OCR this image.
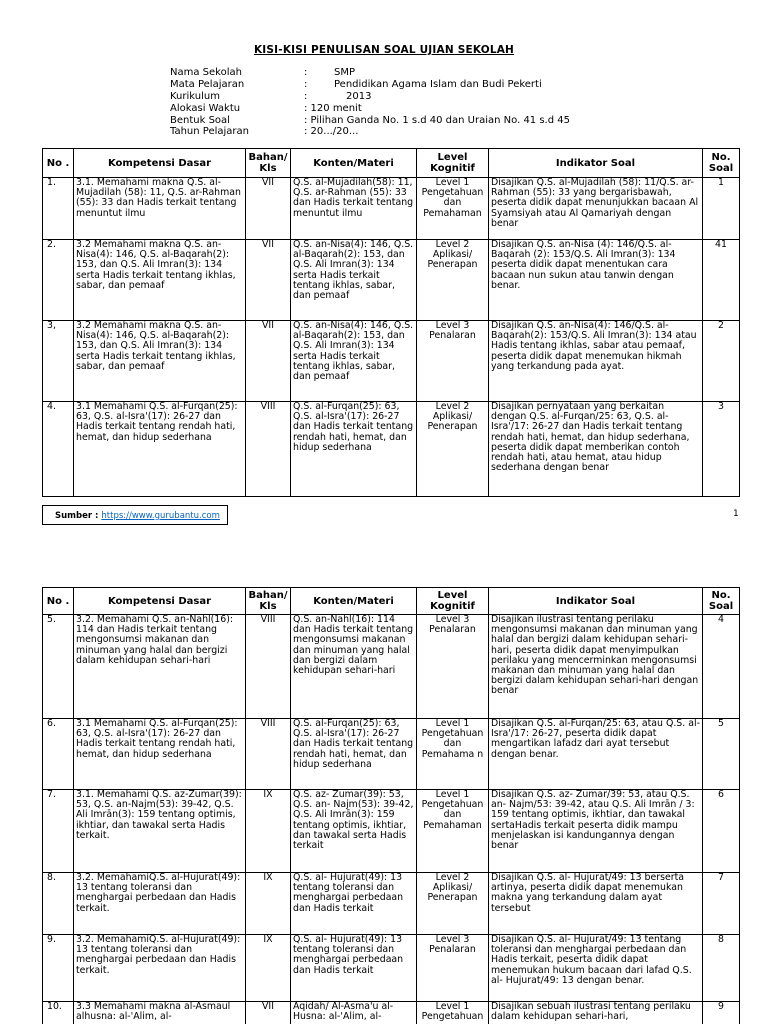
KISI-KISI PENULISAN SOAL UJIAN SEKOLAH
Nama Sekolah	:	SMP
Mata Pelajaran	:	Pendidikan Agama Islam dan Budi Pekerti
Kurikulum	:	2013
Alokasi Waktu	: 120 menit
Bentuk Soal	: Pilihan Ganda No. 1 s.d 40 dan Uraian No. 41 s.d 45
Tahun Pelajaran	: 20.../20...
No .	Kompetensi Dasar	Bahan/ Kls	Konten/Materi	Level Kognitif	Indikator Soal	No. Soal
1.	3.1. Memahami makna Q.S. al-Mujadilah (58): 11, Q.S. ar-Rahman (55): 33 dan Hadis terkait tentang menuntut ilmu	VII	Q.S. al-Mujadilah(58): 11, Q.S. ar-Rahman (55): 33 dan Hadis terkait tentang menuntut ilmu	Level 1 Pengetahuan dan Pemahaman	Disajikan Q.S. al-Mujadilah (58): 11/Q.S. ar-Rahman (55): 33 yang bergarisbawah, peserta didik dapat menunjukkan bacaan Al Syamsiyah atau Al Qamariyah dengan benar	1
2.	3.2 Memahami makna Q.S. an-Nisa(4): 146, Q.S. al-Baqarah(2): 153, dan Q.S. Ali Imran(3): 134 serta Hadis terkait tentang ikhlas, sabar, dan pemaaf	VII	Q.S. an-Nisa(4): 146, Q.S. al-Baqarah(2): 153, dan Q.S. Ali Imran(3): 134 serta Hadis terkait tentang ikhlas, sabar, dan pemaaf	Level 2 Aplikasi/ Penerapan	Disajikan Q.S. an-Nisa (4): 146/Q.S. al-Baqarah (2): 153/Q.S. Ali Imran(3): 134 peserta didik dapat menentukan cara bacaan nun sukun atau tanwin dengan benar.	41
3,	3.2 Memahami makna Q.S. an-Nisa(4): 146, Q.S. al-Baqarah(2): 153, dan Q.S. Ali Imran(3): 134 serta Hadis terkait tentang ikhlas, sabar, dan pemaaf	VII	Q.S. an-Nisa(4): 146, Q.S. al-Baqarah(2): 153, dan Q.S. Ali Imran(3): 134 serta Hadis terkait tentang ikhlas, sabar, dan pemaaf	Level 3 Penalaran	Disajikan Q.S. an-Nisa(4): 146/Q.S. al-Baqarah(2): 153/Q.S. Ali Imran(3): 134 atau Hadis tentang ikhlas, sabar atau pemaaf, peserta didik dapat menemukan hikmah yang terkandung pada ayat.	2
4.	3.1 Memahami Q.S. al-Furqan(25): 63, Q.S. al-Isra'(17): 26-27 dan Hadis terkait tentang rendah hati, hemat, dan hidup sederhana	VIII	Q.S. al-Furqan(25): 63, Q.S. al-Isra'(17): 26-27 dan Hadis terkait tentang rendah hati, hemat, dan hidup sederhana	Level 2 Aplikasi/ Penerapan	Disajikan pernyataan yang berkaitan dengan Q.S. al-Furqan/25: 63, Q.S. al-Isra'/17: 26-27 dan Hadis terkait tentang rendah hati, hemat, dan hidup sederhana, peserta didik dapat memberikan contoh rendah hati, atau hemat, atau hidup sederhana dengan benar	3
Sumber : https://www.gurubantu.com	1
No .	Kompetensi Dasar	Bahan/ Kls	Konten/Materi	Level Kognitif	Indikator Soal	No. Soal
5.	3.2. Memahami Q.S. an-Nahl(16): 114 dan Hadis terkait tentang mengonsumsi makanan dan minuman yang halal dan bergizi dalam kehidupan sehari-hari	VIII	Q.S. an-Nahl(16): 114 dan Hadis terkait tentang mengonsumsi makanan dan minuman yang halal dan bergizi dalam kehidupan sehari-hari	Level 3 Penalaran	Disajikan ilustrasi tentang perilaku mengonsumsi makanan dan minuman yang halal dan bergizi dalam kehidupan sehari-hari, peserta didik dapat menyimpulkan perilaku yang mencerminkan mengonsumsi makanan dan minuman yang halal dan bergizi dalam kehidupan sehari-hari dengan benar	4
6.	3.1 Memahami Q.S. al-Furqan(25): 63, Q.S. al-Isra'(17): 26-27 dan Hadis terkait tentang rendah hati, hemat, dan hidup sederhana	VIII	Q.S. al-Furqan(25): 63, Q.S. al-Isra'(17): 26-27 dan Hadis terkait tentang rendah hati, hemat, dan hidup sederhana	Level 1 Pengetahuan dan Pemahama n	Disajikan Q.S. al-Furqan/25: 63, atau Q.S. al-Isra'/17: 26-27, peserta didik dapat mengartikan lafadz dari ayat tersebut dengan benar.	5
7.	3.1. Memahami Q.S. az-Zumar(39): 53, Q.S. an-Najm(53): 39-42, Q.S. Ali Imrān(3): 159 tentang optimis, ikhtiar, dan tawakal serta Hadis terkait.	IX	Q.S. az- Zumar(39): 53, Q.S. an- Najm(53): 39-42, Q.S. Ali Imrān(3): 159 tentang optimis, ikhtiar, dan tawakal serta Hadis terkait	Level 1 Pengetahuan dan Pemahaman	Disajikan Q.S. az- Zumar/39: 53, atau Q.S. an- Najm/53: 39-42, atau Q.S. Ali Imrān / 3: 159 tentang optimis, ikhtiar, dan tawakal sertaHadis terkait peserta didik mampu menjelaskan isi kandungannya dengan benar	6
8.	3.2. MemahamiQ.S. al-Hujurat(49): 13 tentang toleransi dan menghargai perbedaan dan Hadis terkait.	IX	Q.S. al- Hujurat(49): 13 tentang toleransi dan menghargai perbedaan dan Hadis terkait	Level 2 Aplikasi/ Penerapan	Disajikan Q.S. al- Hujurat/49: 13 berserta artinya, peserta didik dapat menemukan makna yang terkandung dalam ayat tersebut	7
9.	3.2. MemahamiQ.S. al-Hujurat(49): 13 tentang toleransi dan menghargai perbedaan dan Hadis terkait.	IX	Q.S. al- Hujurat(49): 13 tentang toleransi dan menghargai perbedaan dan Hadis terkait	Level 3 Penalaran	Disajikan Q.S. al- Hujurat/49: 13 tentang toleransi dan menghargai perbedaan dan Hadis terkait, peserta didik dapat menemukan hukum bacaan dari lafad Q.S. al- Hujurat/49: 13 dengan benar.	8
10.	3.3 Memahami makna al-Asmaul alhusna: al-'Alim, al-	VII	Aqidah/ Al-Asma'u al-Husna: al-'Alim, al-	Level 1 Pengetahuan	Disajikan sebuah ilustrasi tentang perilaku dalam kehidupan sehari-hari,	9
